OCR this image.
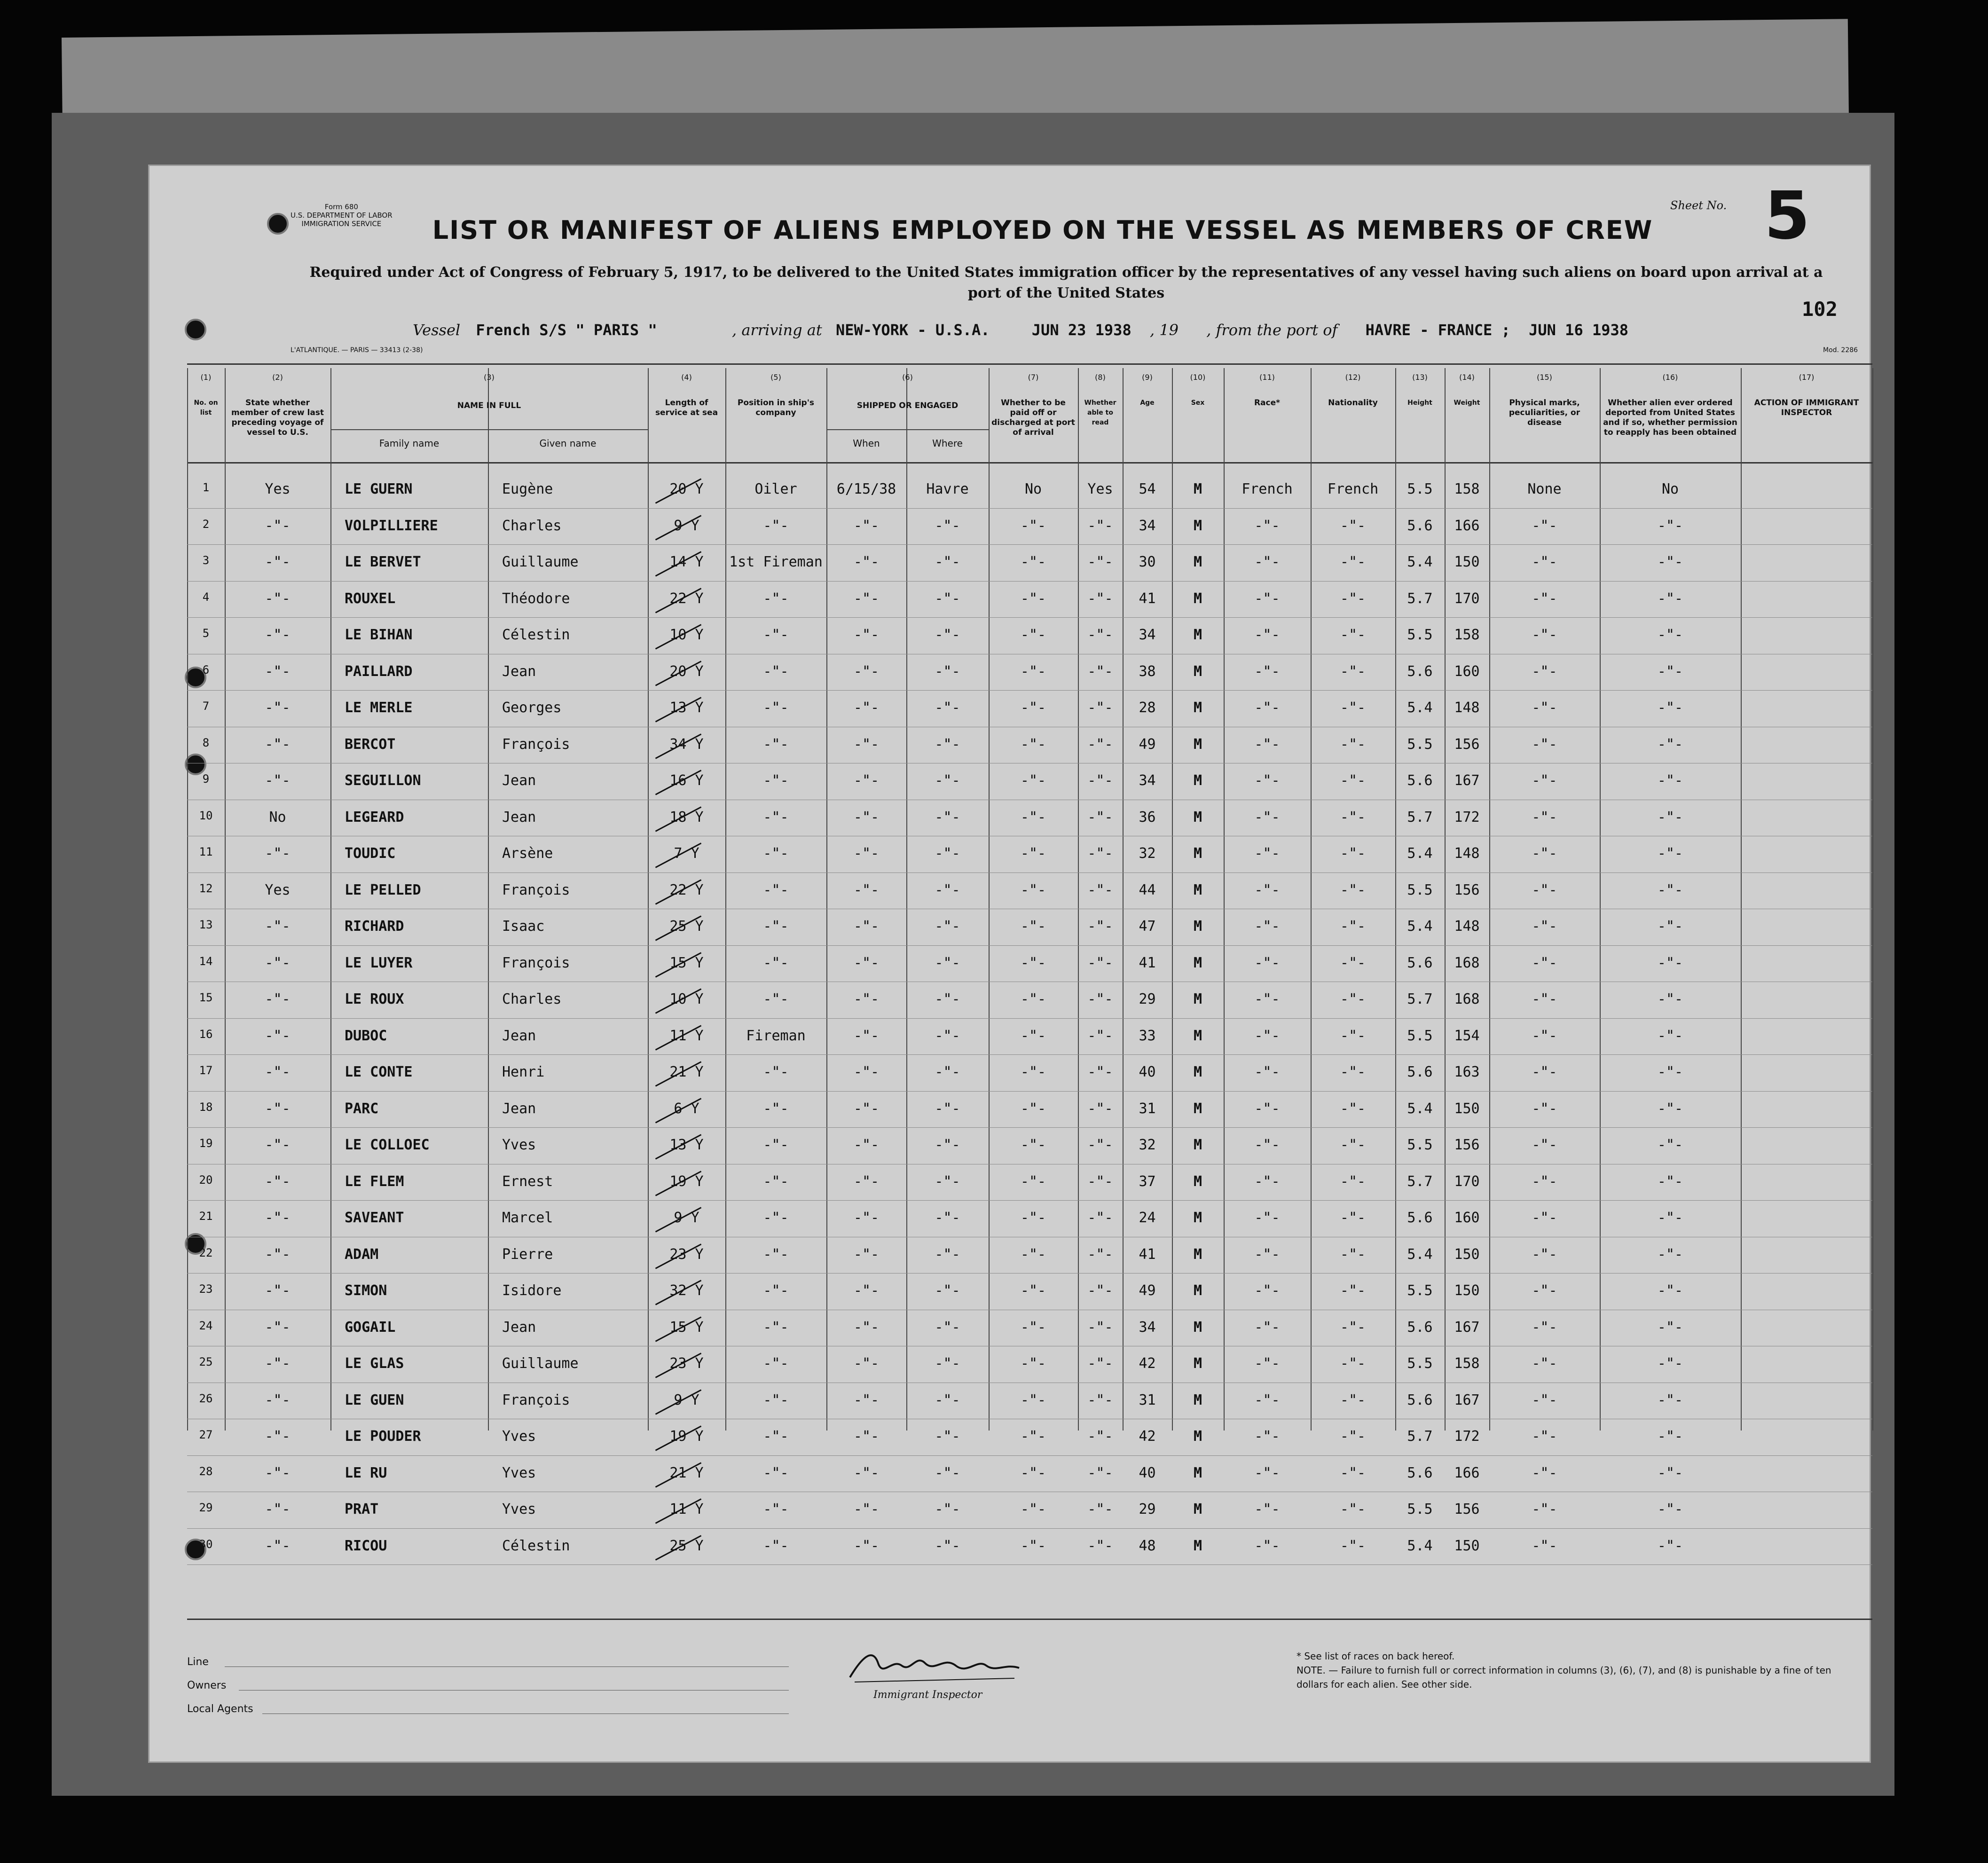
Form 680
U.S. DEPARTMENT OF LABOR
IMMIGRATION SERVICE	LIST OR MANIFEST OF ALIENS EMPLOYED ON THE VESSEL AS MEMBERS OF CREW
Sheet No. 5
Required under Act of Congress of February 5, 1917, to be delivered to the United States immigration officer by the representatives of any vessel having such aliens on board upon arrival at a port of the United States
102
Vessel French S/S " PARIS "	, arriving at NEW-YORK - U.S.A.	JUN 23 1938 , 19 , from the port of HAVRE - FRANCE ; JUN 16 1938
L'ATLANTIQUE. — PARIS — 33413 (2-38)	Mod. 2286
Line
Owners
Local Agents
Immigrant Inspector
* See list of races on back hereof.
NOTE. — Failure to furnish full or correct information in columns (3), (6), (7), and (8) is punishable by a fine of ten dollars for each alien. See other side.
(1)
No. on list
(2)
State whether member of crew last preceding voyage of vessel to U.S.
(3)
NAME IN FULL
Family name	Given name
(4)
Length of service at sea
(5)
Position in ship's company
(6)
SHIPPED OR ENGAGED
When	Where
(7)
Whether to be paid off or discharged at port of arrival
(8)
Whether able to read
(9)
Age
(10)
Sex
(11)
Race*
(12)
Nationality
(13)
Height
(14)
Weight
(15)
Physical marks, peculiarities, or disease
(16)
Whether alien ever ordered deported from United States and if so, whether permission to reapply has been obtained
(17)
ACTION OF IMMIGRANT INSPECTOR
1	Yes	LE GUERN	Eugène	20 Y	Oiler	6/15/38	Havre	No	Yes	54	M	French	French	5.5	158	None	No
2	-"-	VOLPILLIERE	Charles	9 Y	-"-	-"-	-"-	-"-	-"-	34	M	-"-	-"-	5.6	166	-"-	-"-
3	-"-	LE BERVET	Guillaume	14 Y	1st Fireman	-"-	-"-	-"-	-"-	30	M	-"-	-"-	5.4	150	-"-	-"-
4	-"-	ROUXEL	Théodore	22 Y	-"-	-"-	-"-	-"-	-"-	41	M	-"-	-"-	5.7	170	-"-	-"-
5	-"-	LE BIHAN	Célestin	10 Y	-"-	-"-	-"-	-"-	-"-	34	M	-"-	-"-	5.5	158	-"-	-"-
6	-"-	PAILLARD	Jean	20 Y	-"-	-"-	-"-	-"-	-"-	38	M	-"-	-"-	5.6	160	-"-	-"-
7	-"-	LE MERLE	Georges	13 Y	-"-	-"-	-"-	-"-	-"-	28	M	-"-	-"-	5.4	148	-"-	-"-
8	-"-	BERCOT	François	34 Y	-"-	-"-	-"-	-"-	-"-	49	M	-"-	-"-	5.5	156	-"-	-"-
9	-"-	SEGUILLON	Jean	16 Y	-"-	-"-	-"-	-"-	-"-	34	M	-"-	-"-	5.6	167	-"-	-"-
10	No	LEGEARD	Jean	18 Y	-"-	-"-	-"-	-"-	-"-	36	M	-"-	-"-	5.7	172	-"-	-"-
11	-"-	TOUDIC	Arsène	7 Y	-"-	-"-	-"-	-"-	-"-	32	M	-"-	-"-	5.4	148	-"-	-"-
12	Yes	LE PELLED	François	22 Y	-"-	-"-	-"-	-"-	-"-	44	M	-"-	-"-	5.5	156	-"-	-"-
13	-"-	RICHARD	Isaac	25 Y	-"-	-"-	-"-	-"-	-"-	47	M	-"-	-"-	5.4	148	-"-	-"-
14	-"-	LE LUYER	François	15 Y	-"-	-"-	-"-	-"-	-"-	41	M	-"-	-"-	5.6	168	-"-	-"-
15	-"-	LE ROUX	Charles	10 Y	-"-	-"-	-"-	-"-	-"-	29	M	-"-	-"-	5.7	168	-"-	-"-
16	-"-	DUBOC	Jean	11 Y	Fireman	-"-	-"-	-"-	-"-	33	M	-"-	-"-	5.5	154	-"-	-"-
17	-"-	LE CONTE	Henri	21 Y	-"-	-"-	-"-	-"-	-"-	40	M	-"-	-"-	5.6	163	-"-	-"-
18	-"-	PARC	Jean	6 Y	-"-	-"-	-"-	-"-	-"-	31	M	-"-	-"-	5.4	150	-"-	-"-
19	-"-	LE COLLOEC	Yves	13 Y	-"-	-"-	-"-	-"-	-"-	32	M	-"-	-"-	5.5	156	-"-	-"-
20	-"-	LE FLEM	Ernest	19 Y	-"-	-"-	-"-	-"-	-"-	37	M	-"-	-"-	5.7	170	-"-	-"-
21	-"-	SAVEANT	Marcel	9 Y	-"-	-"-	-"-	-"-	-"-	24	M	-"-	-"-	5.6	160	-"-	-"-
22	-"-	ADAM	Pierre	23 Y	-"-	-"-	-"-	-"-	-"-	41	M	-"-	-"-	5.4	150	-"-	-"-
23	-"-	SIMON	Isidore	32 Y	-"-	-"-	-"-	-"-	-"-	49	M	-"-	-"-	5.5	150	-"-	-"-
24	-"-	GOGAIL	Jean	15 Y	-"-	-"-	-"-	-"-	-"-	34	M	-"-	-"-	5.6	167	-"-	-"-
25	-"-	LE GLAS	Guillaume	23 Y	-"-	-"-	-"-	-"-	-"-	42	M	-"-	-"-	5.5	158	-"-	-"-
26	-"-	LE GUEN	François	9 Y	-"-	-"-	-"-	-"-	-"-	31	M	-"-	-"-	5.6	167	-"-	-"-
27	-"-	LE POUDER	Yves	19 Y	-"-	-"-	-"-	-"-	-"-	42	M	-"-	-"-	5.7	172	-"-	-"-
28	-"-	LE RU	Yves	21 Y	-"-	-"-	-"-	-"-	-"-	40	M	-"-	-"-	5.6	166	-"-	-"-
29	-"-	PRAT	Yves	11 Y	-"-	-"-	-"-	-"-	-"-	29	M	-"-	-"-	5.5	156	-"-	-"-
30	-"-	RICOU	Célestin	25 Y	-"-	-"-	-"-	-"-	-"-	48	M	-"-	-"-	5.4	150	-"-	-"-
